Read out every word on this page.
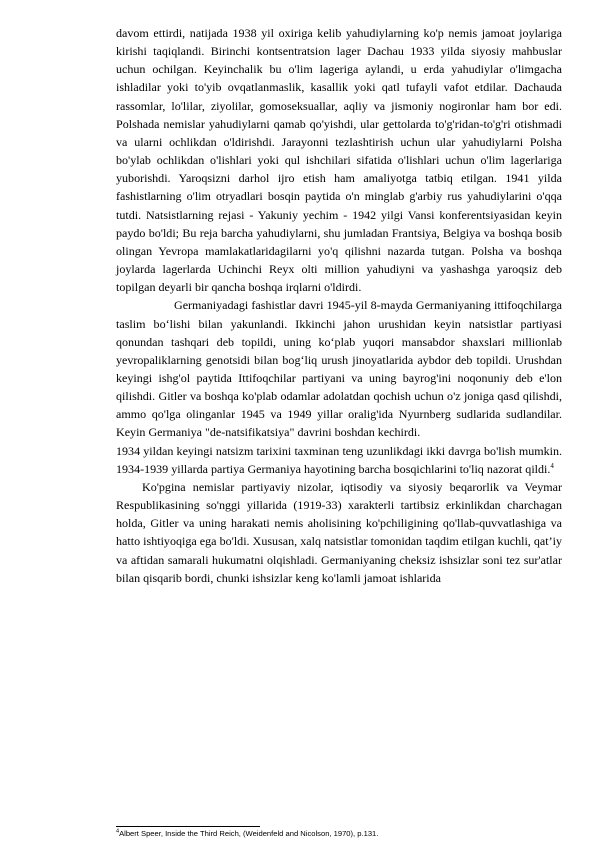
davom ettirdi, natijada 1938 yil oxiriga kelib yahudiylarning ko'p nemis jamoat joylariga kirishi taqiqlandi. Birinchi kontsentratsion lager Dachau 1933 yilda siyosiy mahbuslar uchun ochilgan. Keyinchalik bu o'lim lageriga aylandi, u erda yahudiylar o'limgacha ishladilar yoki to'yib ovqatlanmaslik, kasallik yoki qatl tufayli vafot etdilar. Dachauda rassomlar, lo'lilar, ziyolilar, gomoseksuallar, aqliy va jismoniy nogironlar ham bor edi. Polshada nemislar yahudiylarni qamab qo'yishdi, ular gettolarda to'g'ridan-to'g'ri otishmadi va ularni ochlikdan o'ldirishdi. Jarayonni tezlashtirish uchun ular yahudiylarni Polsha bo'ylab ochlikdan o'lishlari yoki qul ishchilari sifatida o'lishlari uchun o'lim lagerlariga yuborishdi. Yaroqsizni darhol ijro etish ham amaliyotga tatbiq etilgan. 1941 yilda fashistlarning o'lim otryadlari bosqin paytida o'n minglab g'arbiy rus yahudiylarini o'qqa tutdi. Natsistlarning rejasi - Yakuniy yechim - 1942 yilgi Vansi konferentsiyasidan keyin paydo bo'ldi; Bu reja barcha yahudiylarni, shu jumladan Frantsiya, Belgiya va boshqa bosib olingan Yevropa mamlakatlaridagilarni yo'q qilishni nazarda tutgan. Polsha va boshqa joylarda lagerlarda Uchinchi Reyx olti million yahudiyni va yashashga yaroqsiz deb topilgan deyarli bir qancha boshqa irqlarni o'ldirdi.

Germaniyadagi fashistlar davri 1945-yil 8-mayda Germaniyaning ittifoqchilarga taslim bo‘lishi bilan yakunlandi. Ikkinchi jahon urushidan keyin natsistlar partiyasi qonundan tashqari deb topildi, uning ko‘plab yuqori mansabdor shaxslari millionlab yevropaliklarning genotsidi bilan bog‘liq urush jinoyatlarida aybdor deb topildi. Urushdan keyingi ishg'ol paytida Ittifoqchilar partiyani va uning bayrog'ini noqonuniy deb e'lon qilishdi. Gitler va boshqa ko'plab odamlar adolatdan qochish uchun o'z joniga qasd qilishdi, ammo qo'lga olinganlar 1945 va 1949 yillar oralig'ida Nyurnberg sudlarida sudlandilar. Keyin Germaniya "de-natsifikatsiya" davrini boshdan kechirdi.

1934 yildan keyingi natsizm tarixini taxminan teng uzunlikdagi ikki davrga bo'lish mumkin. 1934-1939 yillarda partiya Germaniya hayotining barcha bosqichlarini to'liq nazorat qildi.$^4$

Ko'pgina nemislar partiyaviy nizolar, iqtisodiy va siyosiy beqarorlik va Veymar Respublikasining so'nggi yillarida (1919-33) xarakterli tartibsiz erkinlikdan charchagan holda, Gitler va uning harakati nemis aholisining ko'pchiligining qo'llab-quvvatlashiga va hatto ishtiyoqiga ega bo'ldi. Xususan, xalq natsistlar tomonidan taqdim etilgan kuchli, qat’iy va aftidan samarali hukumatni olqishladi. Germaniyaning cheksiz ishsizlar soni tez sur'atlar bilan qisqarib bordi, chunki ishsizlar keng ko'lamli jamoat ishlarida

$^4$Albert Speer, Inside the Third Reich, (Weidenfeld and Nicolson, 1970), p.131.
